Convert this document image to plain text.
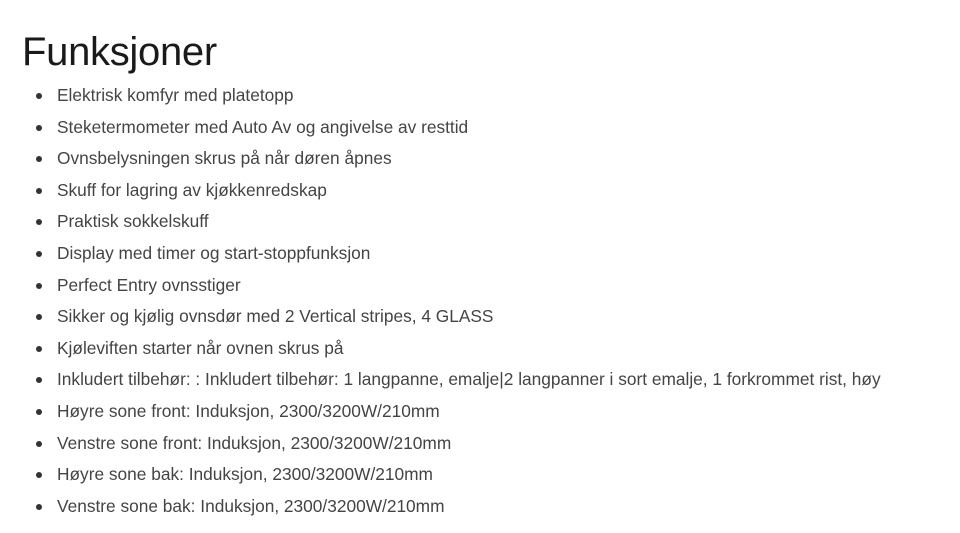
Funksjoner
Elektrisk komfyr med platetopp
Steketermometer med Auto Av og angivelse av resttid
Ovnsbelysningen skrus på når døren åpnes
Skuff for lagring av kjøkkenredskap
Praktisk sokkelskuff
Display med timer og start-stoppfunksjon
Perfect Entry ovnsstiger
Sikker og kjølig ovnsdør med 2 Vertical stripes, 4 GLASS
Kjøleviften starter når ovnen skrus på
Inkludert tilbehør: : Inkludert tilbehør: 1 langpanne, emalje|2 langpanner i sort emalje, 1 forkrommet rist, høy
Høyre sone front: Induksjon, 2300/3200W/210mm
Venstre sone front: Induksjon, 2300/3200W/210mm
Høyre sone bak: Induksjon, 2300/3200W/210mm
Venstre sone bak: Induksjon, 2300/3200W/210mm
